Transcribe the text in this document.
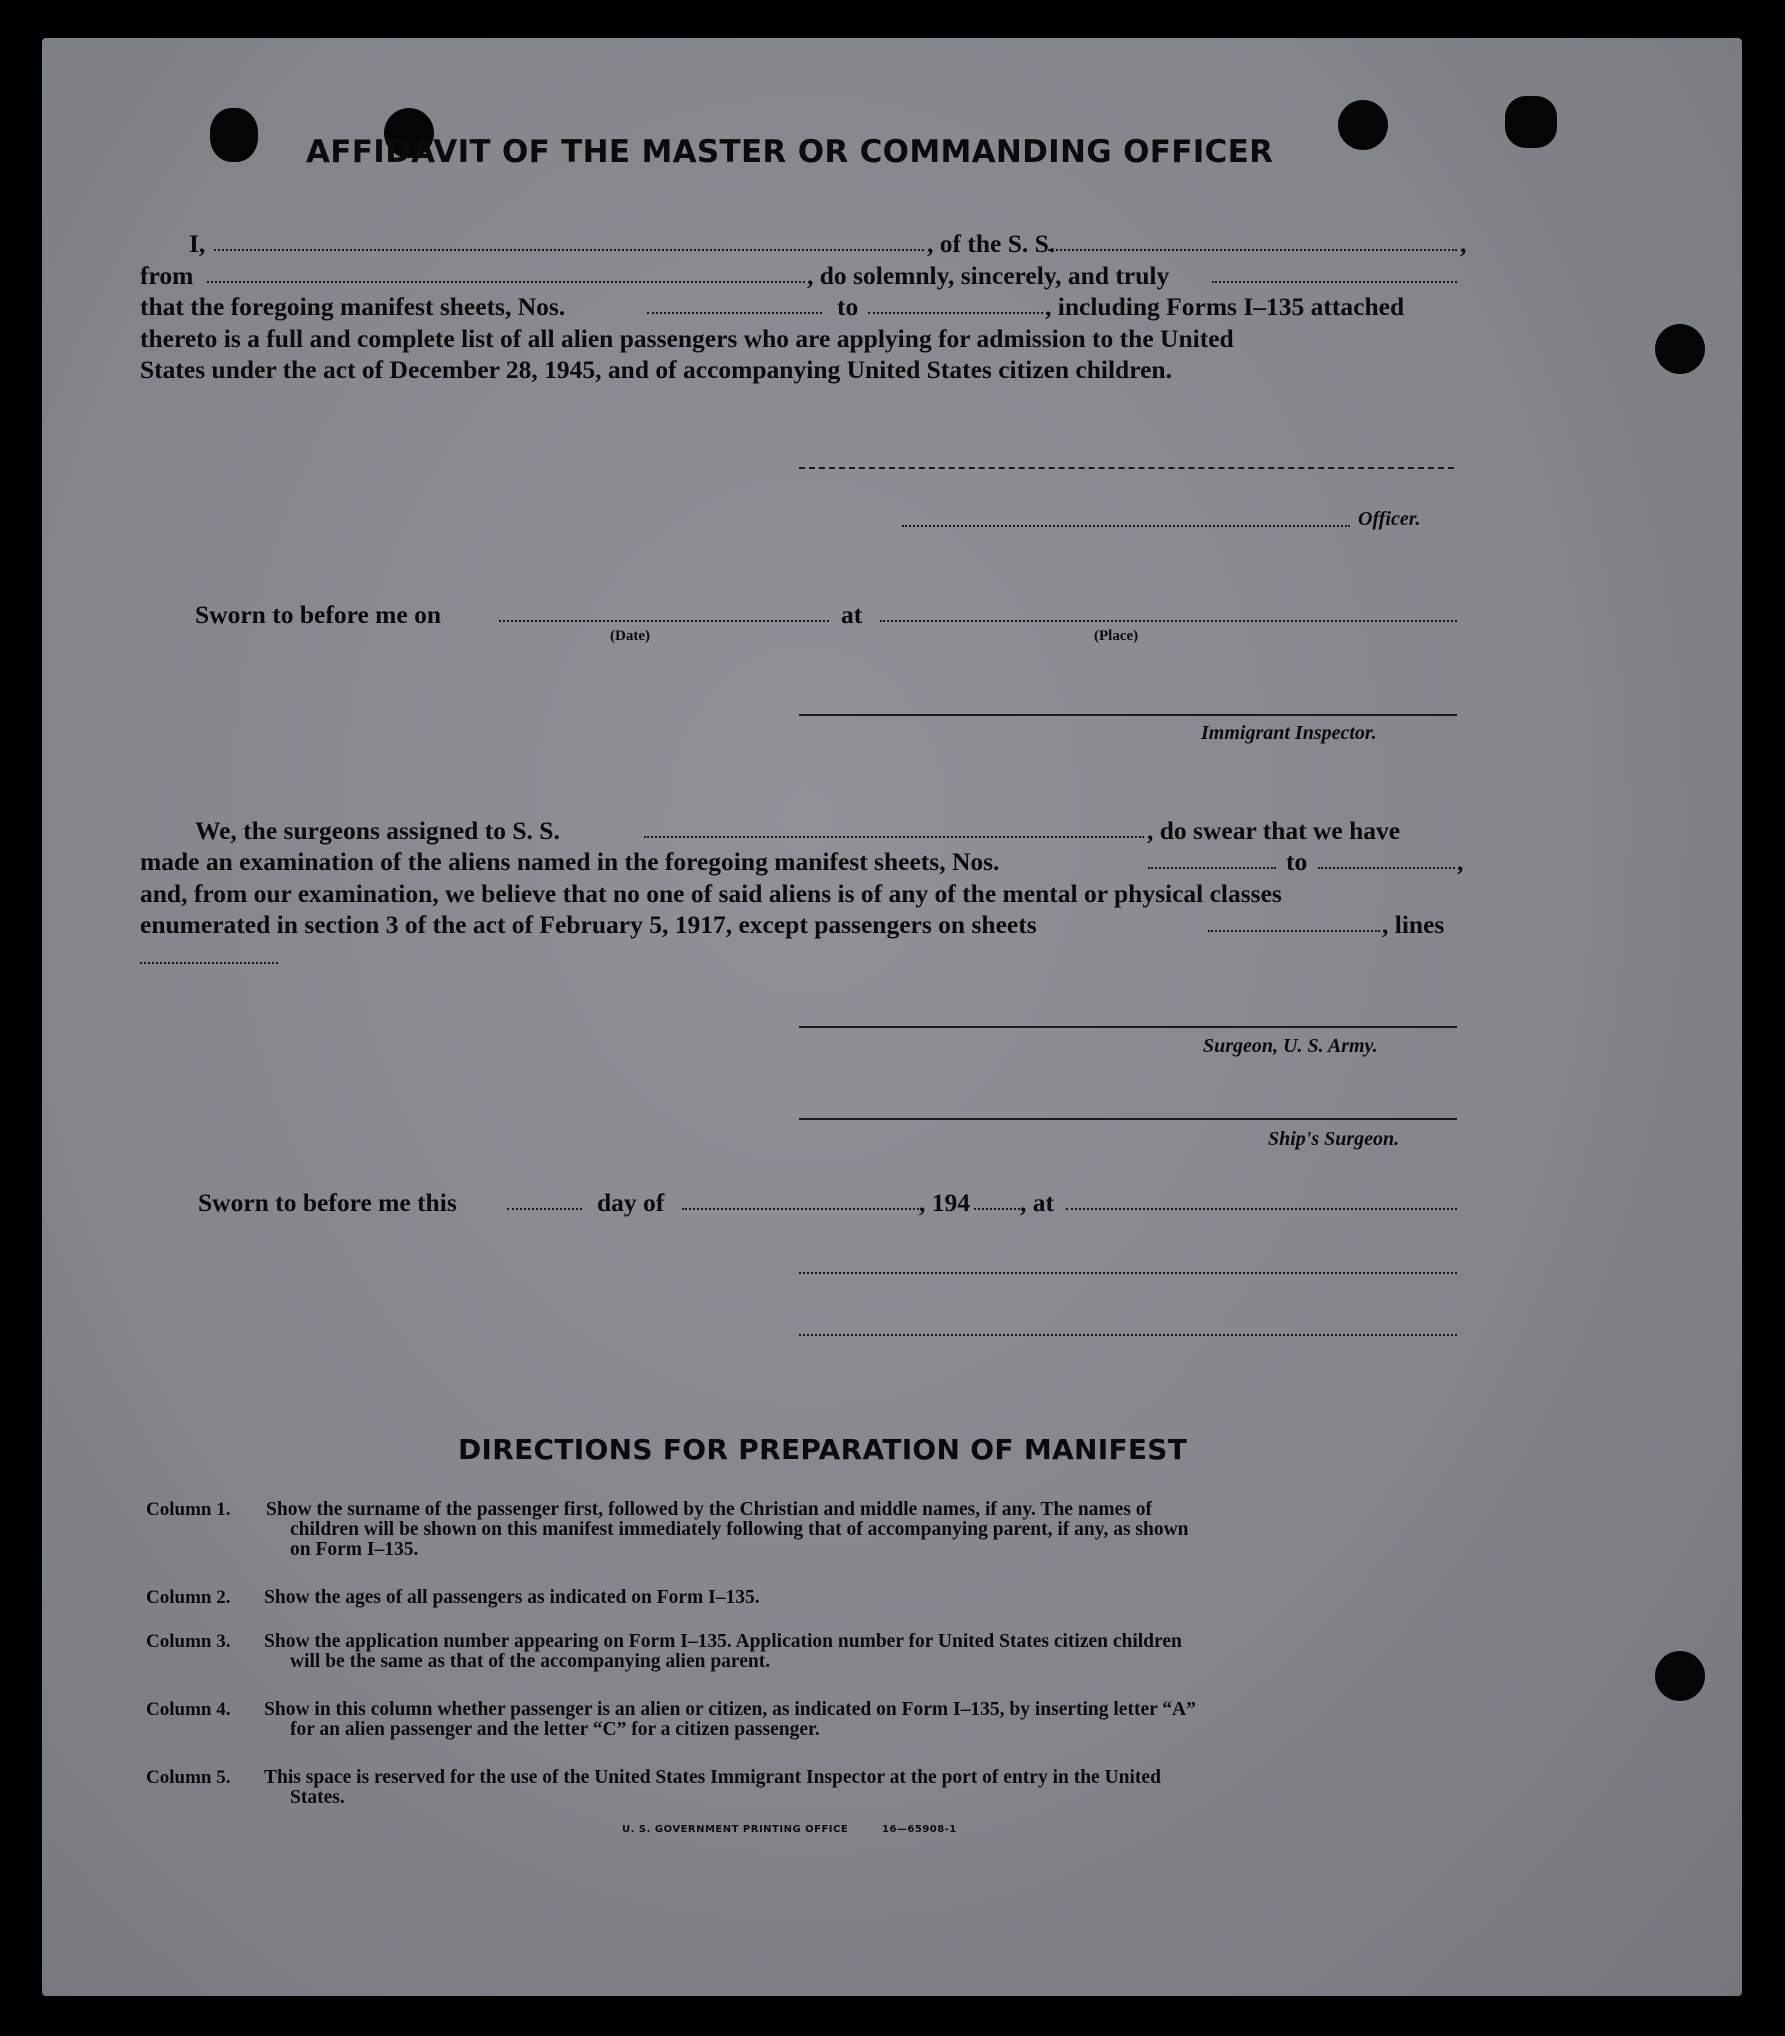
AFFIDAVIT OF THE MASTER OR COMMANDING OFFICER
I,	, of the S. S.	,
from	, do solemnly, sincerely, and truly
that the foregoing manifest sheets, Nos.	to	, including Forms I–135 attached
thereto is a full and complete list of all alien passengers who are applying for admission to the United
States under the act of December 28, 1945, and of accompanying United States citizen children.
Officer.
Sworn to before me on	at
(Date)	(Place)
Immigrant Inspector.
We, the surgeons assigned to S. S.	, do swear that we have
made an examination of the aliens named in the foregoing manifest sheets, Nos.	to	,
and, from our examination, we believe that no one of said aliens is of any of the mental or physical classes
enumerated in section 3 of the act of February 5, 1917, except passengers on sheets	, lines
Surgeon, U. S. Army.
Ship's Surgeon.
Sworn to before me this	day of	, 194 , at
DIRECTIONS FOR PREPARATION OF MANIFEST
Column 1. Show the surname of the passenger first, followed by the Christian and middle names, if any. The names of
children will be shown on this manifest immediately following that of accompanying parent, if any, as shown
on Form I–135.
Column 2. Show the ages of all passengers as indicated on Form I–135.
Column 3. Show the application number appearing on Form I–135. Application number for United States citizen children
will be the same as that of the accompanying alien parent.
Column 4. Show in this column whether passenger is an alien or citizen, as indicated on Form I–135, by inserting letter “A”
for an alien passenger and the letter “C” for a citizen passenger.
Column 5. This space is reserved for the use of the United States Immigrant Inspector at the port of entry in the United
States.
U. S. GOVERNMENT PRINTING OFFICE	16—65908-1
